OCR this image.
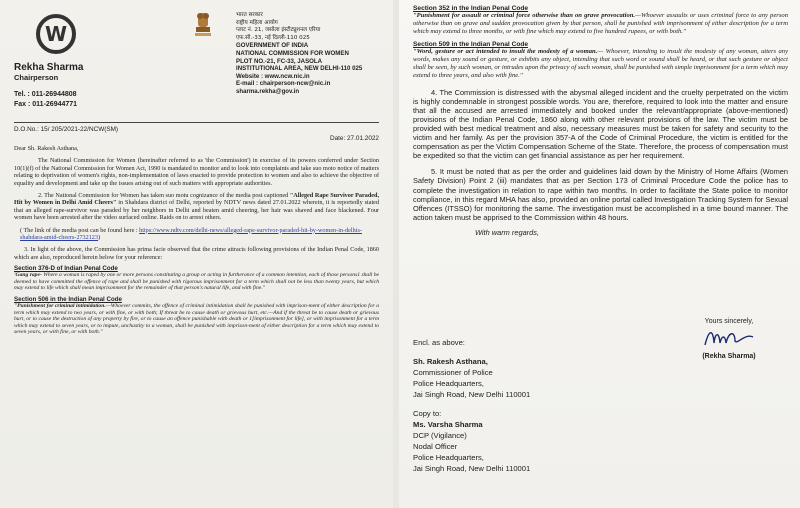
W
Rekha Sharma
Chairperson
Tel. : 011-26944808
Fax : 011-26944771
भारत सरकार
राष्ट्रीय महिला आयोग
प्लाट नं. 21, जसोला इंस्टीट्यूशनल एरिया
एफ.सी.-33, नई दिल्ली-110 025
GOVERNMENT OF INDIA
NATIONAL COMMISSION FOR WOMEN
PLOT NO.-21, FC-33, JASOLA
INSTITUTIONAL AREA, NEW DELHI-110 025
Website : www.ncw.nic.in
E-mail : chairperson-ncw@nic.in
sharma.rekha@gov.in
D.O.No.: 15/ 205/2021-22/NCW(SM)
Date: 27.01.2022

Dear Sh. Rakesh Asthana,

The National Commission for Women (hereinafter referred to as 'the Commission') in exercise of its powers conferred under Section 10(1)(f) of the National Commission for Women Act, 1990 is mandated to monitor and to look into complaints and take suo moto notice of matters relating to deprivation of women's rights, non-implementation of laws enacted to provide protection to women and also to achieve the objective of equality and development and take up the issues arising out of such matters with appropriate authorities.

2. The National Commission for Women has taken suo motu cognizance of the media post captioned "Alleged Rape Survivor Paraded, Hit by Women in Delhi Amid Cheers" in Shahdara district of Delhi, reported by NDTV news dated 27.01.2022 wherein, it is reportedly stated that an alleged rape-survivor was paraded by her neighbors in Delhi and beaten amid cheering, her hair was shaved and face blackened. Four women have been arrested after the video surfaced online. Raids on to arrest others.

( The link of the media post can be found here : https://www.ndtv.com/delhi-news/alleged-rape-survivor-paraded-hit-by-women-in-delhis-shahdara-amid-cheers-2732123)

3. In light of the above, the Commission has prima facie observed that the crime attracts following provisions of the Indian Penal Code, 1860 which are also, reproduced herein below for your reference:

Section 376-D of Indian Penal Code

'Gang rape- Where a woman is raped by one or more persons constituting a group or acting in furtherance of a common intention, each of those persons1 shall be deemed to have committed the offence of rape and shall be punished with rigorous imprisonment for a term which shall not be less than twenty years, but which may extend to life which shall mean imprisonment for the remainder of that person's natural life, and with fine."

Section 506 in the Indian Penal Code

"Punishment for criminal intimidation.—Whoever commits, the offence of criminal intimidation shall be punished with imprison-ment of either description for a term which may extend to two years, or with fine, or with both; If threat be to cause death or grievous hurt, etc.—And if the threat be to cause death or grievous hurt, or to cause the destruction of any property by fire, or to cause an offence punishable with death or 1[imprisonment for life], or with imprisonment for a term which may extend to seven years, or to impute, unchastity to a woman, shall be punished with imprison-ment of either description for a term which may extend to seven years, or with fine, or with both."

Section 352 in the Indian Penal Code

"Punishment for assault or criminal force otherwise than on grave provocation.—Whoever assaults or uses criminal force to any person otherwise than on grave and sudden provocation given by that person, shall be punished with imprisonment of either description for a term which may extend to three months, or with fine which may extend to five hundred rupees, or with both."

Section 509 in the Indian Penal Code

"Word, gesture or act intended to insult the modesty of a woman.— Whoever, intending to insult the modesty of any woman, utters any words, makes any sound or gesture, or exhibits any object, intending that such word or sound shall be heard, or that such gesture or object shall be seen, by such woman, or intrudes upon the privacy of such woman, shall be punished with simple imprisonment for a term which may extend to three years, and also with fine."

4. The Commission is distressed with the abysmal alleged incident and the cruelty perpetrated on the victim is highly condemnable in strongest possible words. You are, therefore, required to look into the matter and ensure that all the accused are arrested immediately and booked under the relevant/appropriate (above-mentioned) provisions of the Indian Penal Code, 1860 along with other relevant provisions of the law. The victim must be provided with best medical treatment and also, necessary measures must be taken for safety and security to the victim and her family. As per the provision 357-A of the Code of Criminal Procedure, the victim is entitled for the compensation as per the Victim Compensation Scheme of the State. Therefore, the process of compensation must be expedited so that the victim can get financial assistance as per her requirement.

5. It must be noted that as per the order and guidelines laid down by the Ministry of Home Affairs (Women Safety Division) Point 2 (iii) mandates that as per Section 173 of Criminal Procedure Code the police has to complete the investigation in relation to rape within two months. In order to facilitate the State police to monitor compliance, in this regard MHA has also, provided an online portal called Investigation Tracking System for Sexual Offences (ITSSO) for monitoring the same. The investigation must be accomplished in a time bound manner. The action taken must be apprised to the Commission within 48 hours.

With warm regards,

Yours sincerely,
(Rekha Sharma)
Encl. as above:
Sh. Rakesh Asthana,
Commissioner of Police
Police Headquarters,
Jai Singh Road, New Delhi 110001
Copy to:
Ms. Varsha Sharma
DCP (Vigilance)
Nodal Officer
Police Headquarters,
Jai Singh Road, New Delhi 110001
